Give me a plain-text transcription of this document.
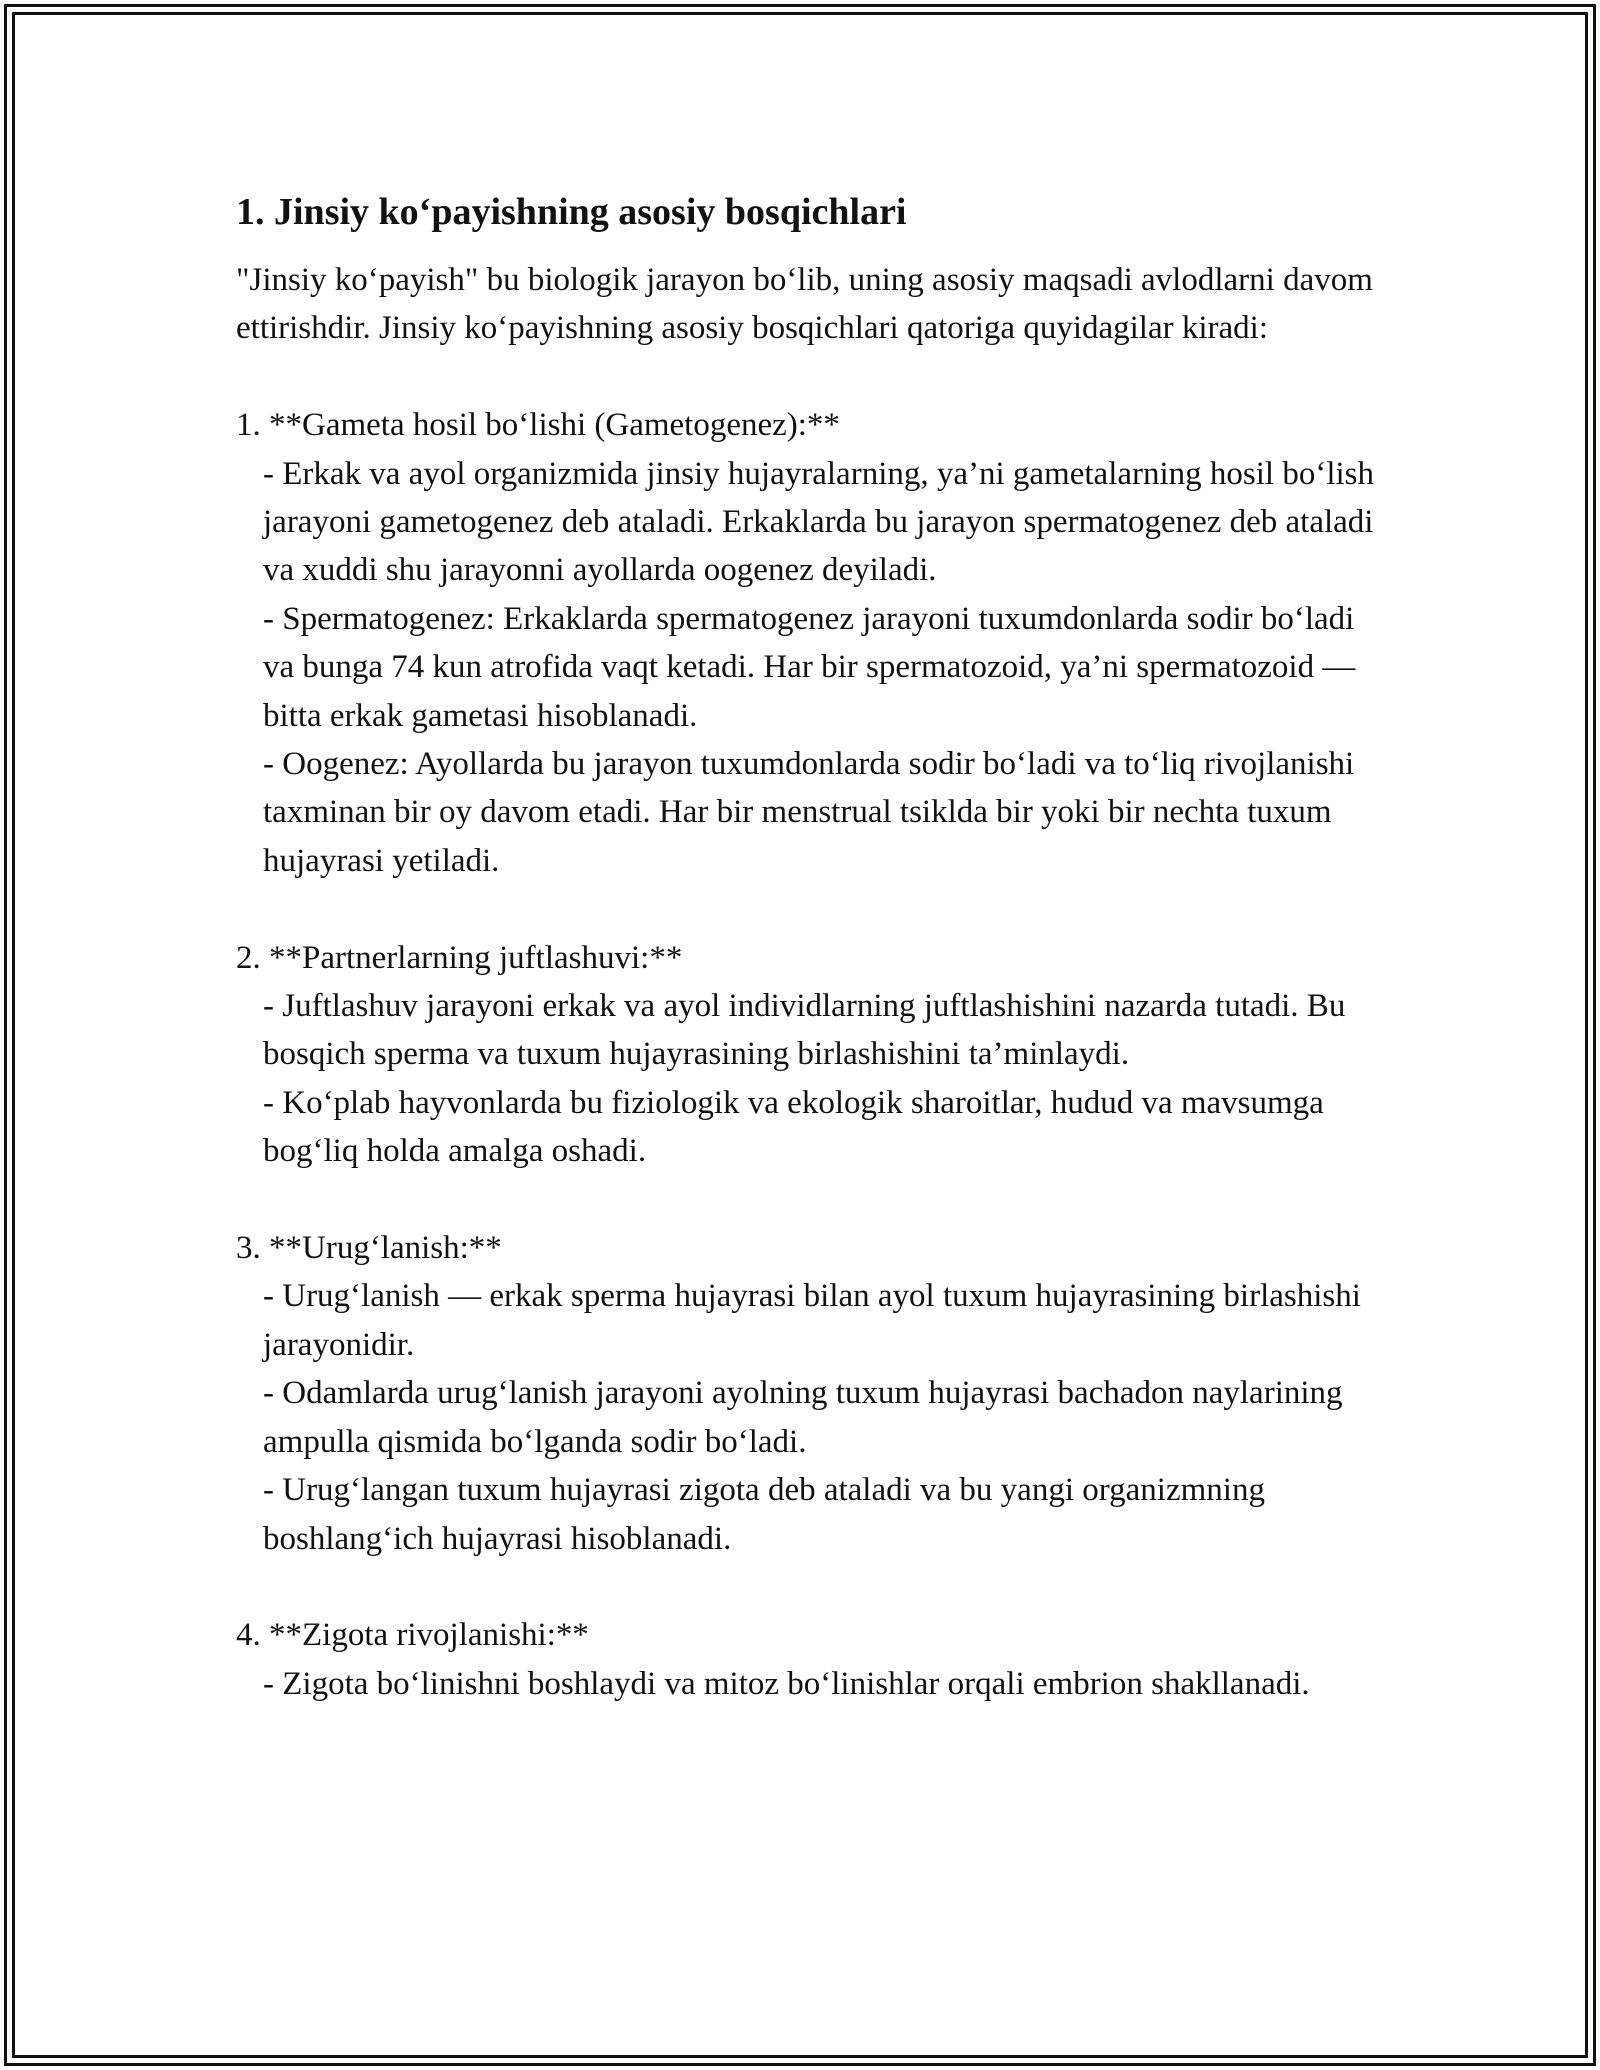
1. Jinsiy ko‘payishning asosiy bosqichlari

"Jinsiy ko‘payish" bu biologik jarayon bo‘lib, uning asosiy maqsadi avlodlarni davom ettirishdir. Jinsiy ko‘payishning asosiy bosqichlari qatoriga quyidagilar kiradi:

1. **Gameta hosil bo‘lishi (Gametogenez):**

- Erkak va ayol organizmida jinsiy hujayralarning, ya’ni gametalarning hosil bo‘lish jarayoni gametogenez deb ataladi. Erkaklarda bu jarayon spermatogenez deb ataladi va xuddi shu jarayonni ayollarda oogenez deyiladi.

- Spermatogenez: Erkaklarda spermatogenez jarayoni tuxumdonlarda sodir bo‘ladi va bunga 74 kun atrofida vaqt ketadi. Har bir spermatozoid, ya’ni spermatozoid — bitta erkak gametasi hisoblanadi.

- Oogenez: Ayollarda bu jarayon tuxumdonlarda sodir bo‘ladi va to‘liq rivojlanishi taxminan bir oy davom etadi. Har bir menstrual tsiklda bir yoki bir nechta tuxum hujayrasi yetiladi.

2. **Partnerlarning juftlashuvi:**

- Juftlashuv jarayoni erkak va ayol individlarning juftlashishini nazarda tutadi. Bu bosqich sperma va tuxum hujayrasining birlashishini ta’minlaydi.

- Ko‘plab hayvonlarda bu fiziologik va ekologik sharoitlar, hudud va mavsumga bog‘liq holda amalga oshadi.

3. **Urug‘lanish:**

- Urug‘lanish — erkak sperma hujayrasi bilan ayol tuxum hujayrasining birlashishi jarayonidir.

- Odamlarda urug‘lanish jarayoni ayolning tuxum hujayrasi bachadon naylarining ampulla qismida bo‘lganda sodir bo‘ladi.

- Urug‘langan tuxum hujayrasi zigota deb ataladi va bu yangi organizmning boshlang‘ich hujayrasi hisoblanadi.

4. **Zigota rivojlanishi:**

- Zigota bo‘linishni boshlaydi va mitoz bo‘linishlar orqali embrion shakllanadi.
